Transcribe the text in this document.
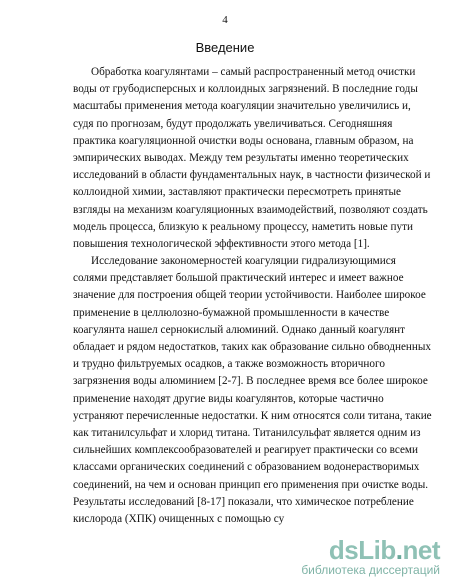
4
Введение
Обработка коагулянтами – самый распространенный метод очистки
воды от грубодисперсных и коллоидных загрязнений. В последние годы
масштабы применения метода коагуляции значительно увеличились и,
судя по прогнозам, будут продолжать увеличиваться. Сегодняшняя
практика коагуляционной очистки воды основана, главным образом, на
эмпирических выводах. Между тем результаты именно теоретических
исследований в области фундаментальных наук, в частности физической и
коллоидной химии, заставляют практически пересмотреть принятые
взгляды на механизм коагуляционных взаимодействий, позволяют создать
модель процесса, близкую к реальному процессу, наметить новые пути
повышения технологической эффективности этого метода [1].
Исследование закономерностей коагуляции гидрализующимися
солями представляет большой практический интерес и имеет важное
значение для построения общей теории устойчивости. Наиболее широкое
применение в целлюлозно-бумажной промышленности в качестве
коагулянта нашел сернокислый алюминий. Однако данный коагулянт
обладает и рядом недостатков, таких как образование сильно обводненных
и трудно фильтруемых осадков, а также возможность вторичного
загрязнения воды алюминием [2-7]. В последнее время все более широкое
применение находят другие виды коагулянтов, которые частично
устраняют перечисленные недостатки. К ним относятся соли титана, такие
как титанилсульфат и хлорид титана. Титанилсульфат является одним из
сильнейших комплексообразователей и реагирует практически со всеми
классами органических соединений с образованием водонерастворимых
соединений, на чем и основан принцип его применения при очистке воды.
Результаты исследований [8-17] показали, что химическое потребление
кислорода (ХПК) очищенных с помощью су
dsLib.net
библиотека диссертаций
